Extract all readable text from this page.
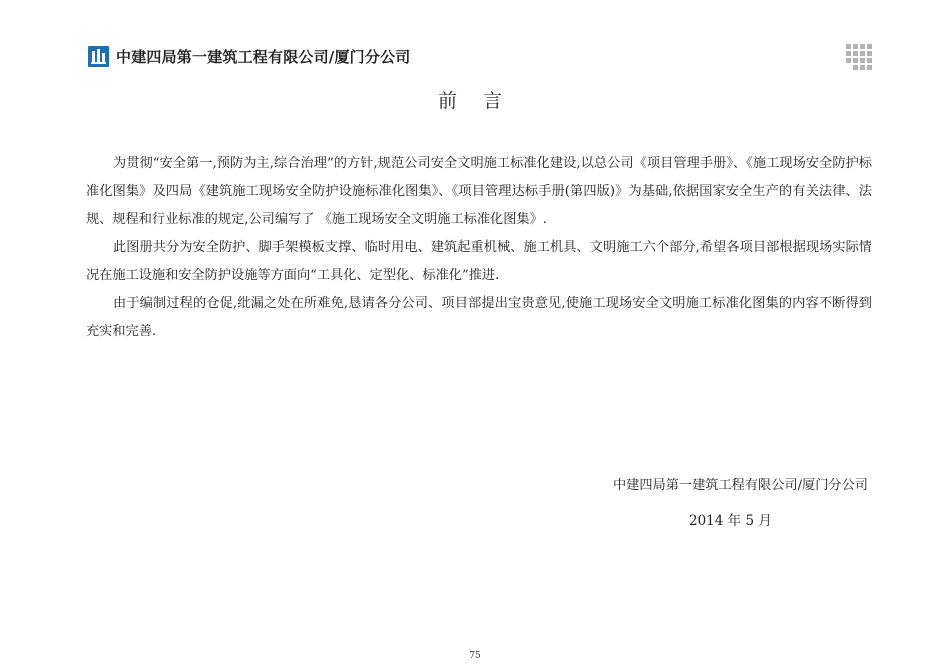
中建四局第一建筑工程有限公司/厦门分公司
前 言

为贯彻“安全第一,预防为主,综合治理”的方针,规范公司安全文明施工标准化建设,以总公司《项目管理手册》、《施工现场安全防护标准化图集》及四局《建筑施工现场安全防护设施标准化图集》、《项目管理达标手册(第四版)》为基础,依据国家安全生产的有关法律、法规、规程和行业标准的规定,公司编写了 《施工现场安全文明施工标准化图集》.

此图册共分为安全防护、脚手架模板支撑、临时用电、建筑起重机械、施工机具、文明施工六个部分,希望各项目部根据现场实际情况在施工设施和安全防护设施等方面向“工具化、定型化、标准化”推进.

由于编制过程的仓促,纰漏之处在所难免,恳请各分公司、项目部提出宝贵意见,使施工现场安全文明施工标准化图集的内容不断得到充实和完善.

中建四局第一建筑工程有限公司/厦门分公司
2014 年 5 月
75
